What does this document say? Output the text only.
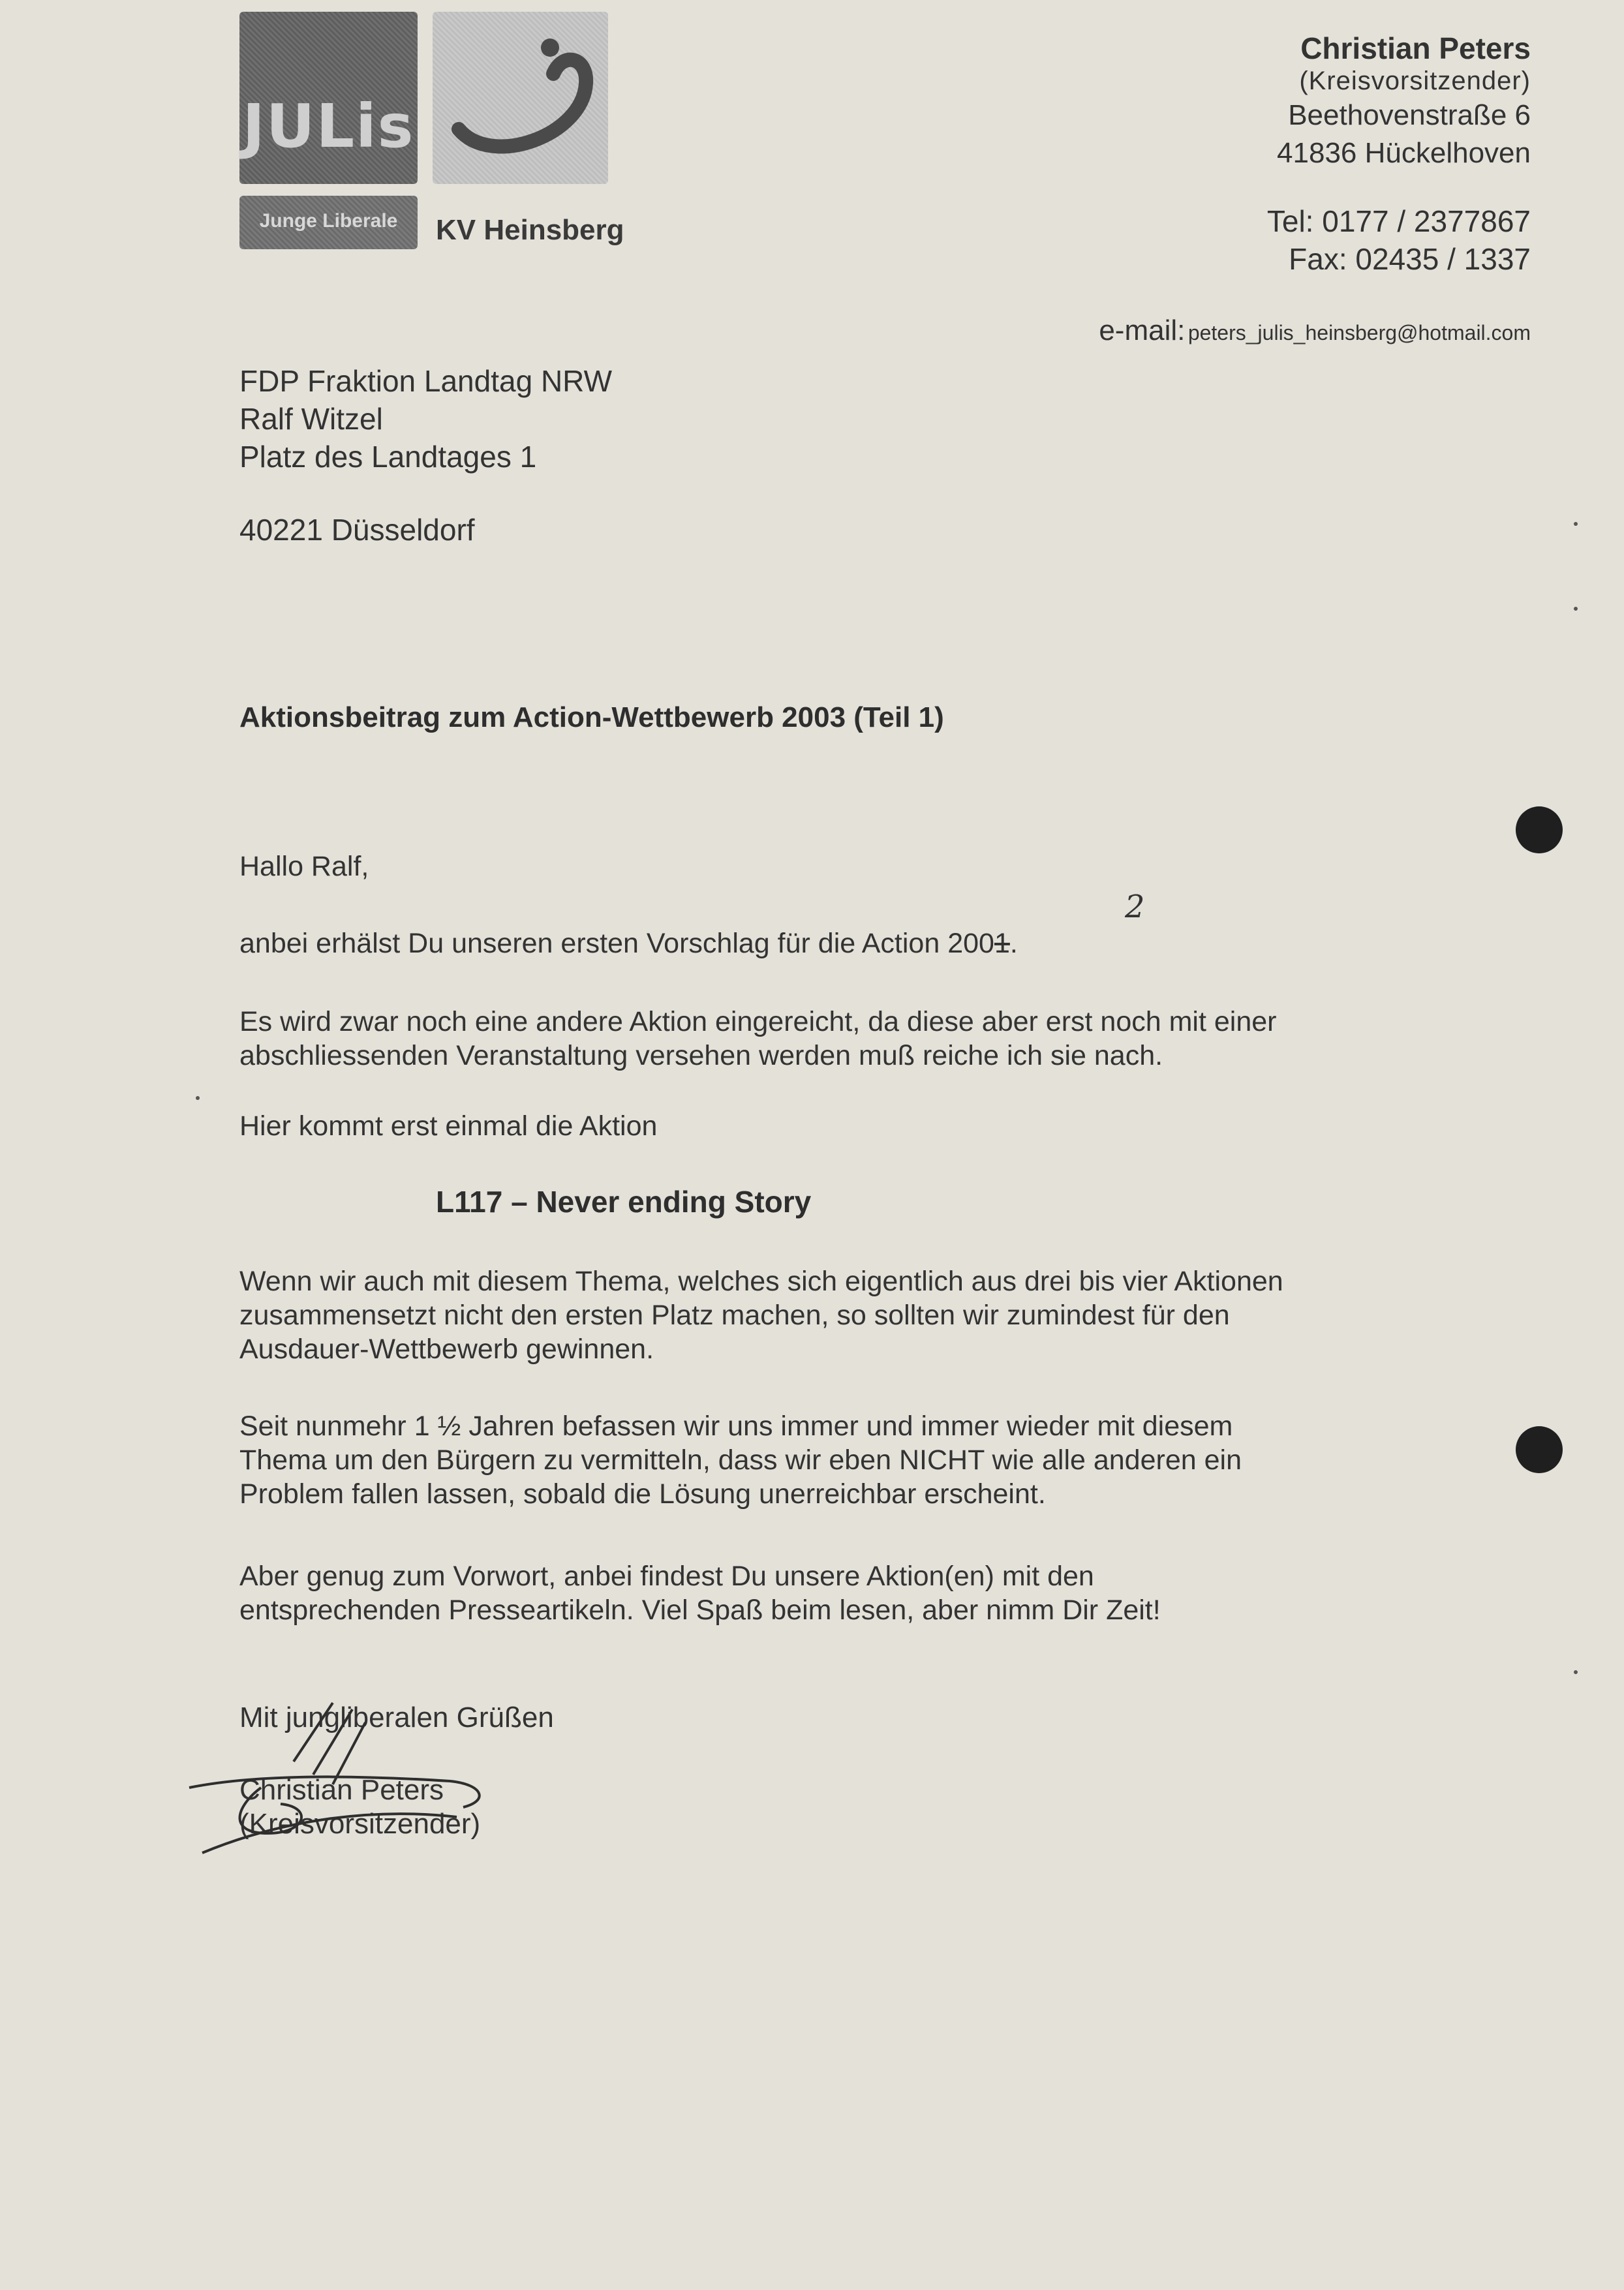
JULis
Junge Liberale	KV Heinsberg
Christian Peters
(Kreisvorsitzender)
Beethovenstraße 6
41836 Hückelhoven
Tel: 0177 / 2377867
Fax: 02435 / 1337
e-mail: peters_julis_heinsberg@hotmail.com
FDP Fraktion Landtag NRW
Ralf Witzel
Platz des Landtages 1
40221 Düsseldorf
Aktionsbeitrag zum Action-Wettbewerb 2003 (Teil 1)
Hallo Ralf,
anbei erhälst Du unseren ersten Vorschlag für die Action 2001.
2
Es wird zwar noch eine andere Aktion eingereicht, da diese aber erst noch mit einer
abschliessenden Veranstaltung versehen werden muß reiche ich sie nach.
Hier kommt erst einmal die Aktion
L117 – Never ending Story
Wenn wir auch mit diesem Thema, welches sich eigentlich aus drei bis vier Aktionen
zusammensetzt nicht den ersten Platz machen, so sollten wir zumindest für den
Ausdauer-Wettbewerb gewinnen.
Seit nunmehr 1 ½ Jahren befassen wir uns immer und immer wieder mit diesem
Thema um den Bürgern zu vermitteln, dass wir eben NICHT wie alle anderen ein
Problem fallen lassen, sobald die Lösung unerreichbar erscheint.
Aber genug zum Vorwort, anbei findest Du unsere Aktion(en) mit den
entsprechenden Presseartikeln. Viel Spaß beim lesen, aber nimm Dir Zeit!
Mit jungliberalen Grüßen
Christian Peters
(Kreisvorsitzender)
